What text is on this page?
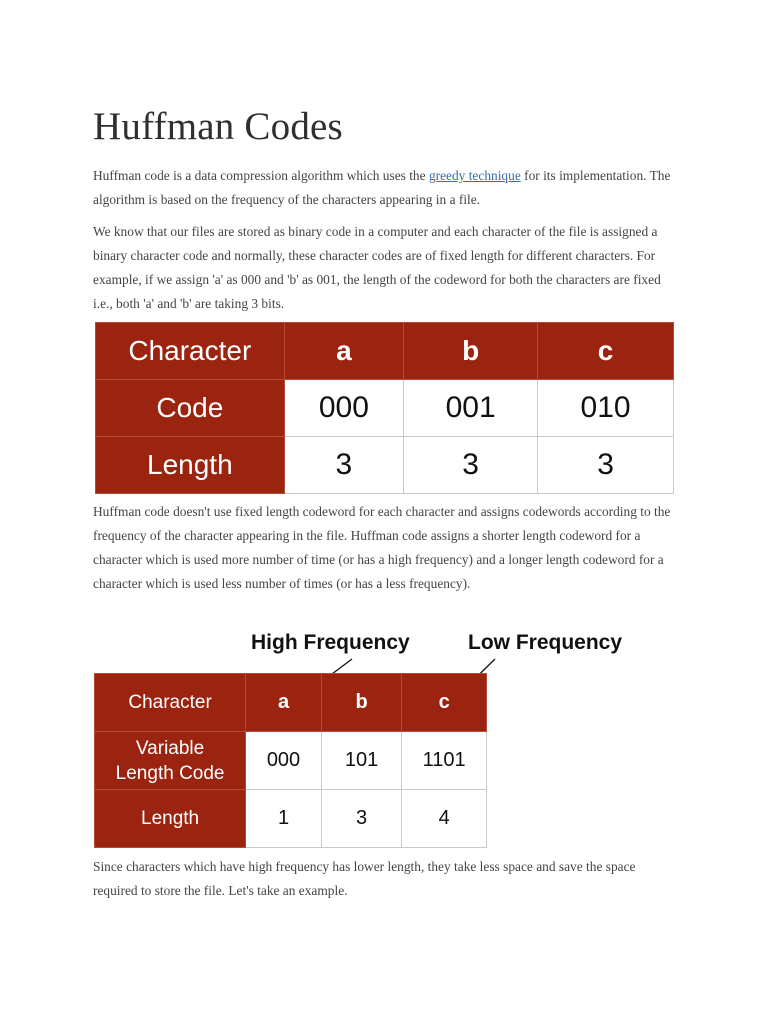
Huffman Codes

Huffman code is a data compression algorithm which uses the greedy technique for its implementation. The algorithm is based on the frequency of the characters appearing in a file.

We know that our files are stored as binary code in a computer and each character of the file is assigned a binary character code and normally, these character codes are of fixed length for different characters. For example, if we assign 'a' as 000 and 'b' as 001, the length of the codeword for both the characters are fixed i.e., both 'a' and 'b' are taking 3 bits.

Character	a	b	c
Code	000	001	010
Length	3	3	3

Huffman code doesn't use fixed length codeword for each character and assigns codewords according to the frequency of the character appearing in the file. Huffman code assigns a shorter length codeword for a character which is used more number of time (or has a high frequency) and a longer length codeword for a character which is used less number of times (or has a less frequency).

High Frequency	Low Frequency
Character	a	b	c
Variable
Length Code	000	101	1101
Length	1	3	4

Since characters which have high frequency has lower length, they take less space and save the space required to store the file. Let's take an example.
